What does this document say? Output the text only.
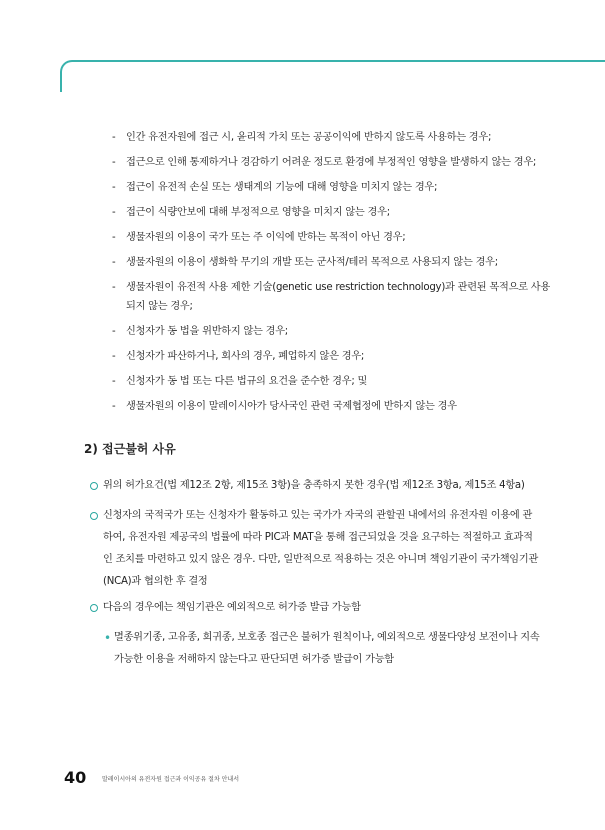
- 인간 유전자원에 접근 시, 윤리적 가치 또는 공공이익에 반하지 않도록 사용하는 경우;
- 접근으로 인해 통제하거나 경감하기 어려운 정도로 환경에 부정적인 영향을 발생하지 않는 경우;
- 접근이 유전적 손실 또는 생태계의 기능에 대해 영향을 미치지 않는 경우;
- 접근이 식량안보에 대해 부정적으로 영향을 미치지 않는 경우;
- 생물자원의 이용이 국가 또는 주 이익에 반하는 목적이 아닌 경우;
- 생물자원의 이용이 생화학 무기의 개발 또는 군사적/테러 목적으로 사용되지 않는 경우;
- 생물자원이 유전적 사용 제한 기술(genetic use restriction technology)과 관련된 목적으로 사용되지 않는 경우;
- 신청자가 동 법을 위반하지 않는 경우;
- 신청자가 파산하거나, 회사의 경우, 폐업하지 않은 경우;
- 신청자가 동 법 또는 다른 법규의 요건을 준수한 경우; 및
- 생물자원의 이용이 말레이시아가 당사국인 관련 국제협정에 반하지 않는 경우
2) 접근불허 사유
위의 허가요건(법 제12조 2항, 제15조 3항)을 충족하지 못한 경우(법 제12조 3항a, 제15조 4항a)
신청자의 국적국가 또는 신청자가 활동하고 있는 국가가 자국의 관할권 내에서의 유전자원 이용에 관하여, 유전자원 제공국의 법률에 따라 PIC과 MAT을 통해 접근되었을 것을 요구하는 적절하고 효과적인 조치를 마련하고 있지 않은 경우. 다만, 일반적으로 적용하는 것은 아니며 책임기관이 국가책임기관(NCA)과 협의한 후 결정
다음의 경우에는 책임기관은 예외적으로 허가증 발급 가능함
• 멸종위기종, 고유종, 희귀종, 보호종 접근은 불허가 원칙이나, 예외적으로 생물다양성 보전이나 지속가능한 이용을 저해하지 않는다고 판단되면 허가증 발급이 가능함
40	말레이시아의 유전자원 접근과 이익공유 절차 안내서
